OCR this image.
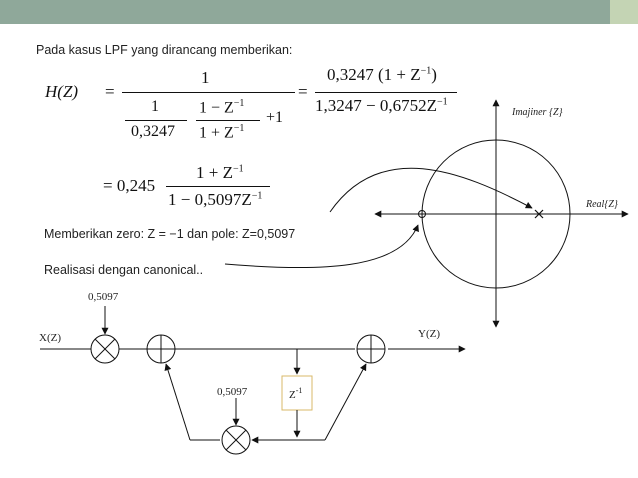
Pada kasus LPF yang dirancang memberikan:
H(Z) =
1
1
0,3247
$1 - Z^{-1}$
$1 + Z^{-1}$
+1
=
0,3247 $(1 + Z^{-1})$
$1,3247 - 0,6752Z^{-1}$
= 0,245
$1 + Z^{-1}$
$1 - 0,5097Z^{-1}$
Memberikan zero: Z = −1 dan pole: Z=0,5097
Realisasi dengan canonical..
Imajiner {Z}
Real{Z}
$Z^{-1}$
0,5097
0,5097
X(Z)	Y(Z)
